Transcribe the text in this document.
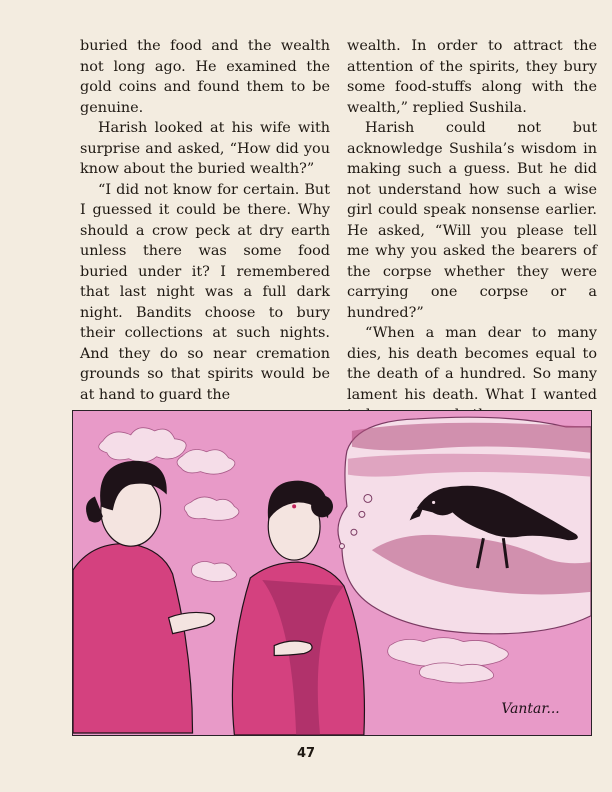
buried the food and the wealth not long ago. He examined the gold coins and found them to be genuine.

Harish looked at his wife with surprise and asked, “How did you know about the buried wealth?”

“I did not know for certain. But I guessed it could be there. Why should a crow peck at dry earth unless there was some food buried under it? I remembered that last night was a full dark night. Bandits choose to bury their collections at such nights. And they do so near cremation grounds so that spirits would be at hand to guard the

wealth. In order to attract the attention of the spirits, they bury some food-stuffs along with the wealth,” replied Sushila.

Harish could not but acknowledge Sushila’s wisdom in making such a guess. But he did not understand how such a wise girl could speak nonsense earlier. He asked, “Will you please tell me why you asked the bearers of the corpse whether they were carrying one corpse or a hundred?”

“When a man dear to many dies, his death becomes equal to the death of a hundred. So many lament his death. What I wanted

Vantar...
47
